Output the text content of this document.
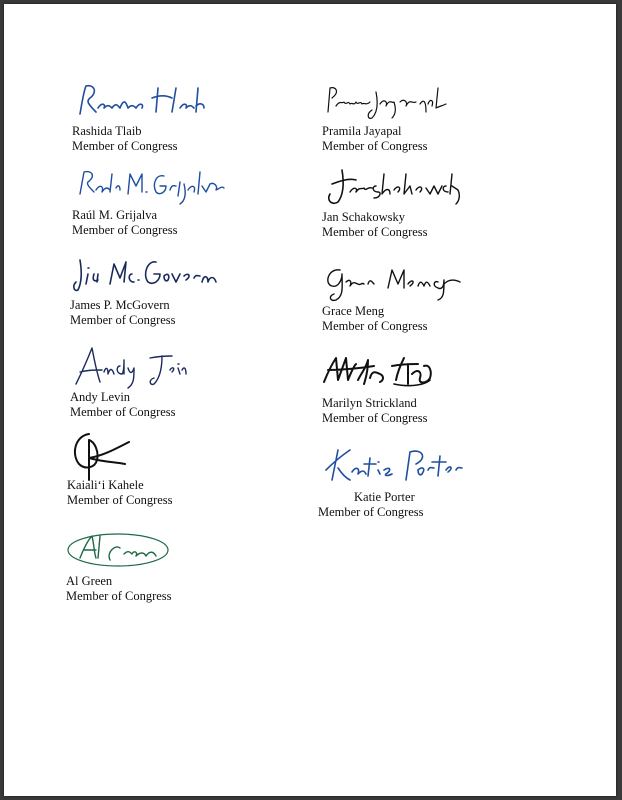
Rashida Tlaib
Member of Congress
Pramila Jayapal
Member of Congress
Raúl M. Grijalva
Member of Congress
Jan Schakowsky
Member of Congress
James P. McGovern
Member of Congress
Grace Meng
Member of Congress
Andy Levin
Member of Congress
Marilyn Strickland
Member of Congress
Kaialiʻi Kahele
Member of Congress	Katie Porter
Member of Congress
Al Green
Member of Congress
